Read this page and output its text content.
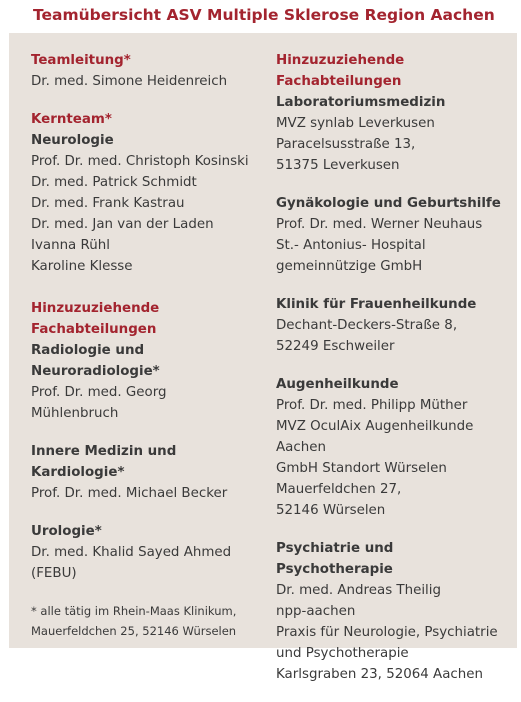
Teamübersicht ASV Multiple Sklerose Region Aachen
Teamleitung*
Dr. med. Simone Heidenreich
Kernteam*
Neurologie
Prof. Dr. med. Christoph Kosinski
Dr. med. Patrick Schmidt
Dr. med. Frank Kastrau
Dr. med. Jan van der Laden
Ivanna Rühl
Karoline Klesse
Hinzuzuziehende
Fachabteilungen
Radiologie und
Neuroradiologie*
Prof. Dr. med. Georg
Mühlenbruch
Innere Medizin und
Kardiologie*
Prof. Dr. med. Michael Becker
Urologie*
Dr. med. Khalid Sayed Ahmed
(FEBU)
* alle tätig im Rhein-Maas Klinikum,
Mauerfeldchen 25, 52146 Würselen
Hinzuzuziehende
Fachabteilungen
Laboratoriumsmedizin
MVZ synlab Leverkusen
Paracelsusstraße 13,
51375 Leverkusen
Gynäkologie und Geburtshilfe
Prof. Dr. med. Werner Neuhaus
St.- Antonius- Hospital
gemeinnützige GmbH
Klinik für Frauenheilkunde
Dechant-Deckers-Straße 8,
52249 Eschweiler
Augenheilkunde
Prof. Dr. med. Philipp Müther
MVZ OculAix Augenheilkunde
Aachen
GmbH Standort Würselen
Mauerfeldchen 27,
52146 Würselen
Psychiatrie und Psychotherapie
Dr. med. Andreas Theilig
npp-aachen
Praxis für Neurologie, Psychiatrie
und Psychotherapie
Karlsgraben 23, 52064 Aachen
